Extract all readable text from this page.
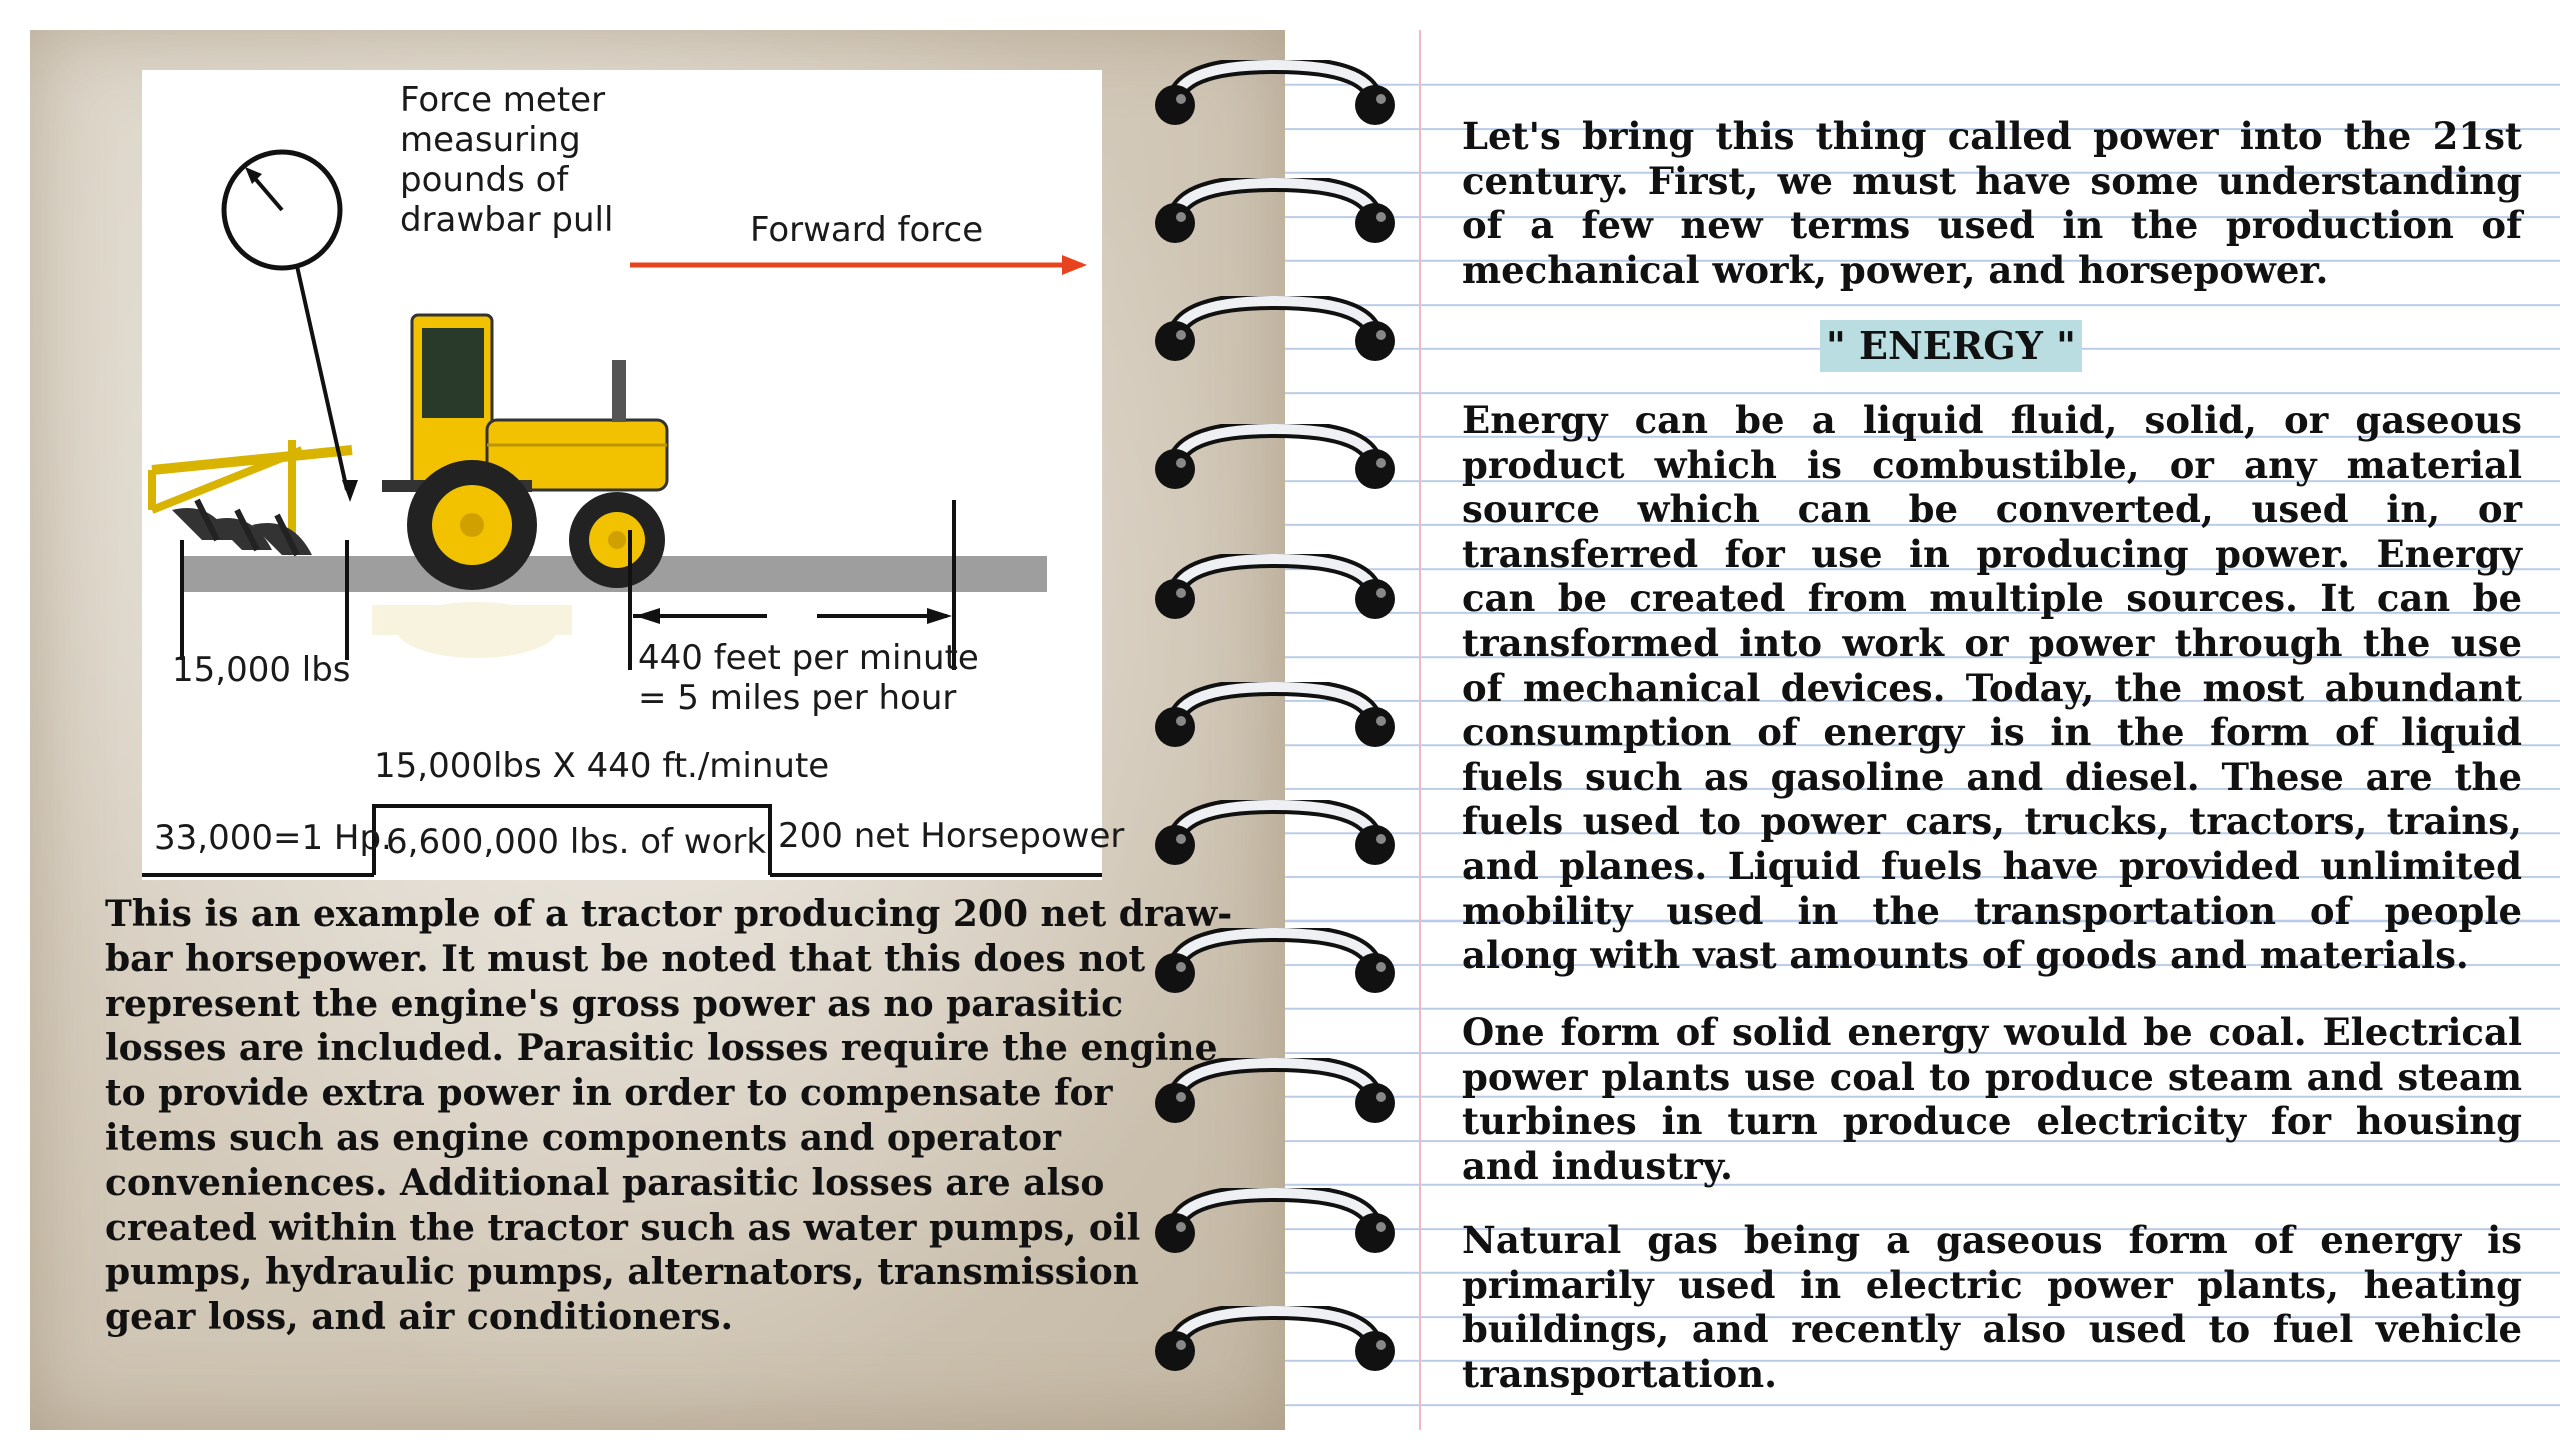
Force meter
measuring
pounds of
drawbar pull	Forward force
15,000 lbs	440 feet per minute
= 5 miles per hour
15,000lbs X 440 ft./minute
33,000=1 Hp.
6,600,000 lbs. of work 200 net Horsepower

This is an example of a tractor producing 200 net draw-bar horsepower. It must be noted that this does not represent the engine's gross power as no parasitic losses are included. Parasitic losses require the engine to provide extra power in order to compensate for items such as engine components and operator conveniences. Additional parasitic losses are also created within the tractor such as water pumps, oil pumps, hydraulic pumps, alternators, transmission gear loss, and air conditioners.

Let's bring this thing called power into the 21st century. First, we must have some understanding of a few new terms used in the production of mechanical work, power, and horsepower.

" ENERGY "

Energy can be a liquid fluid, solid, or gaseous product which is combustible, or any material source which can be converted, used in, or transferred for use in producing power. Energy can be created from multiple sources. It can be transformed into work or power through the use of mechanical devices. Today, the most abundant consumption of energy is in the form of liquid fuels such as gasoline and diesel. These are the fuels used to power cars, trucks, tractors, trains, and planes. Liquid fuels have provided unlimited mobility used in the transportation of people along with vast amounts of goods and materials.

One form of solid energy would be coal. Electrical power plants use coal to produce steam and steam turbines in turn produce electricity for housing and industry.

Natural gas being a gaseous form of energy is primarily used in electric power plants, heating buildings, and recently also used to fuel vehicle transportation.
